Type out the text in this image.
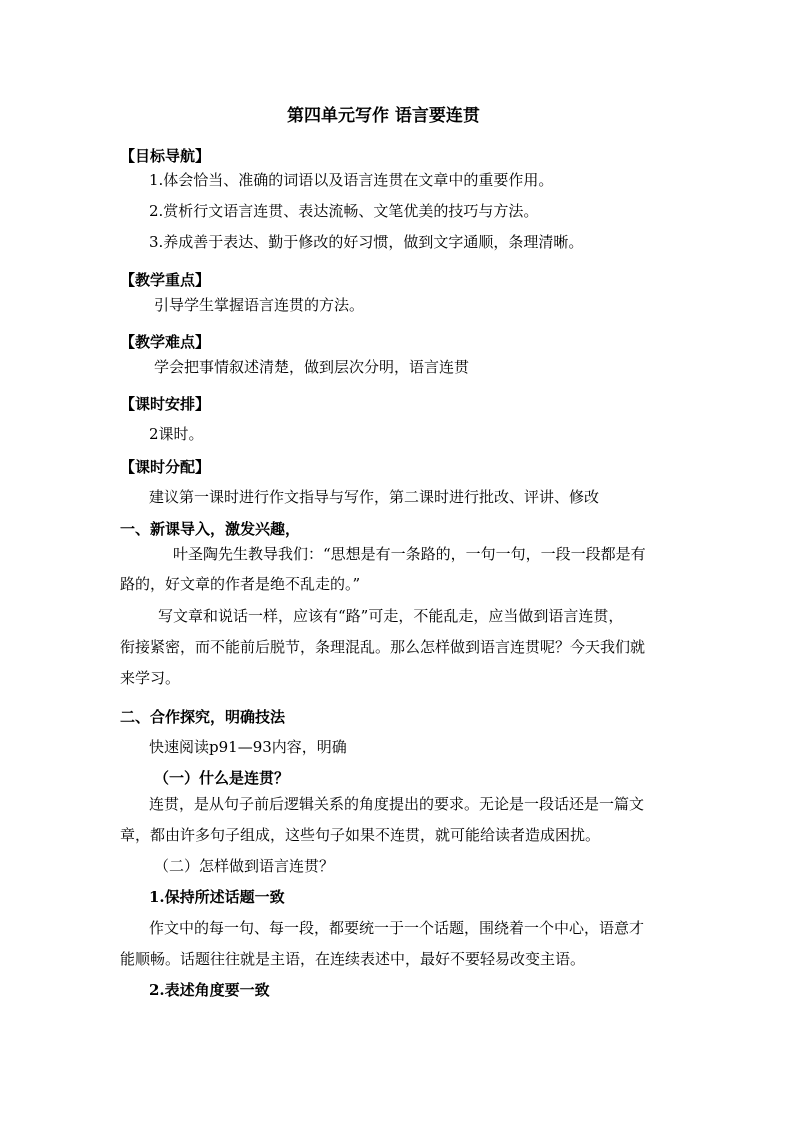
第四单元写作 语言要连贯
【目标导航】
1.体会恰当、准确的词语以及语言连贯在文章中的重要作用。
2.赏析行文语言连贯、表达流畅、文笔优美的技巧与方法。
3.养成善于表达、勤于修改的好习惯，做到文字通顺，条理清晰。
【教学重点】
引导学生掌握语言连贯的方法。
【教学难点】
学会把事情叙述清楚，做到层次分明，语言连贯
【课时安排】
2课时。
【课时分配】
建议第一课时进行作文指导与写作，第二课时进行批改、评讲、修改
一、新课导入，激发兴趣，
叶圣陶先生教导我们：“思想是有一条路的，一句一句，一段一段都是有
路的，好文章的作者是绝不乱走的。”
写文章和说话一样，应该有“路”可走，不能乱走，应当做到语言连贯，
衔接紧密，而不能前后脱节，条理混乱。那么怎样做到语言连贯呢？今天我们就
来学习。
二、合作探究，明确技法
快速阅读p91—93内容，明确
（一）什么是连贯？
连贯，是从句子前后逻辑关系的角度提出的要求。无论是一段话还是一篇文
章，都由许多句子组成，这些句子如果不连贯，就可能给读者造成困扰。
（二）怎样做到语言连贯？
1.保持所述话题一致
作文中的每一句、每一段，都要统一于一个话题，围绕着一个中心，语意才
能顺畅。话题往往就是主语，在连续表述中，最好不要轻易改变主语。
2.表述角度要一致
